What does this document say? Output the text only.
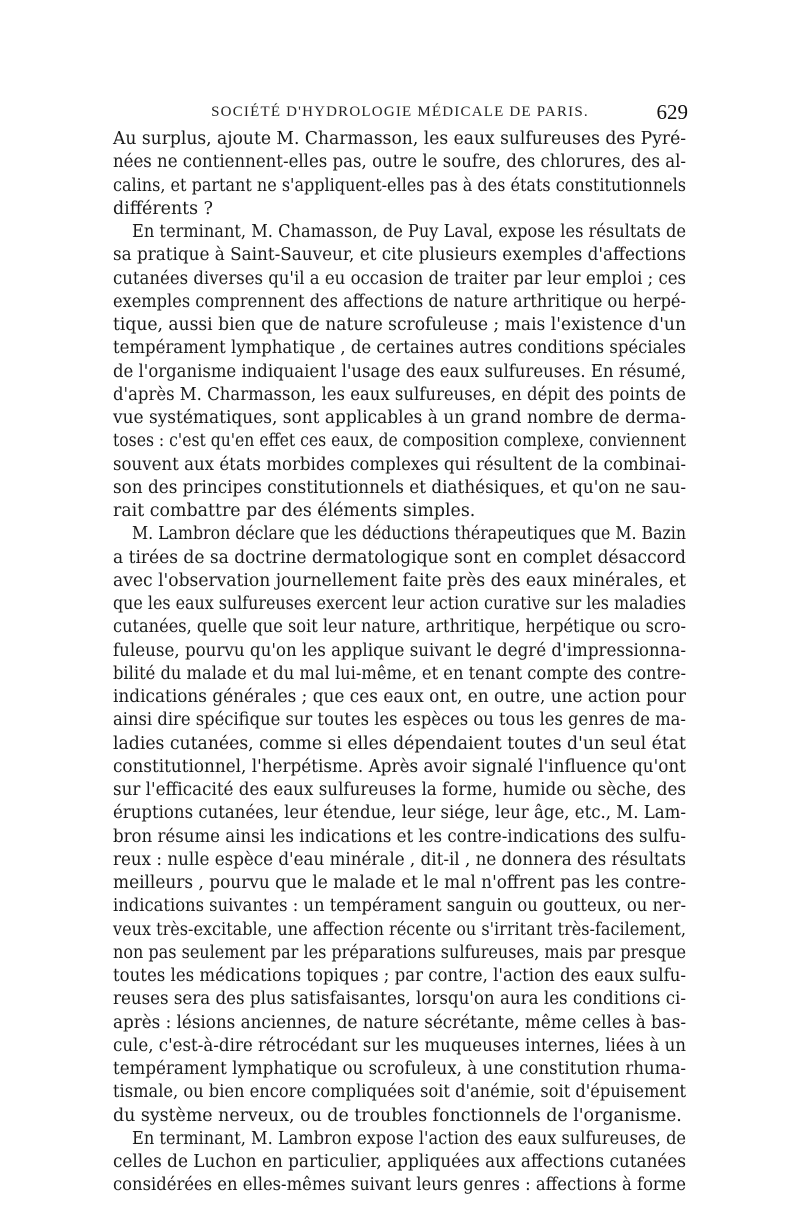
SOCIÉTÉ D'HYDROLOGIE MÉDICALE DE PARIS.	629
Au surplus, ajoute M. Charmasson, les eaux sulfureuses des Pyré-
nées ne contiennent-elles pas, outre le soufre, des chlorures, des al-
calins, et partant ne s'appliquent-elles pas à des états constitutionnels
différents ?
En terminant, M. Chamasson, de Puy Laval, expose les résultats de
sa pratique à Saint-Sauveur, et cite plusieurs exemples d'affections
cutanées diverses qu'il a eu occasion de traiter par leur emploi ; ces
exemples comprennent des affections de nature arthritique ou herpé-
tique, aussi bien que de nature scrofuleuse ; mais l'existence d'un
tempérament lymphatique , de certaines autres conditions spéciales
de l'organisme indiquaient l'usage des eaux sulfureuses. En résumé,
d'après M. Charmasson, les eaux sulfureuses, en dépit des points de
vue systématiques, sont applicables à un grand nombre de derma-
toses : c'est qu'en effet ces eaux, de composition complexe, conviennent
souvent aux états morbides complexes qui résultent de la combinai-
son des principes constitutionnels et diathésiques, et qu'on ne sau-
rait combattre par des éléments simples.
M. Lambron déclare que les déductions thérapeutiques que M. Bazin
a tirées de sa doctrine dermatologique sont en complet désaccord
avec l'observation journellement faite près des eaux minérales, et
que les eaux sulfureuses exercent leur action curative sur les maladies
cutanées, quelle que soit leur nature, arthritique, herpétique ou scro-
fuleuse, pourvu qu'on les applique suivant le degré d'impressionna-
bilité du malade et du mal lui-même, et en tenant compte des contre-
indications générales ; que ces eaux ont, en outre, une action pour
ainsi dire spécifique sur toutes les espèces ou tous les genres de ma-
ladies cutanées, comme si elles dépendaient toutes d'un seul état
constitutionnel, l'herpétisme. Après avoir signalé l'influence qu'ont
sur l'efficacité des eaux sulfureuses la forme, humide ou sèche, des
éruptions cutanées, leur étendue, leur siége, leur âge, etc., M. Lam-
bron résume ainsi les indications et les contre-indications des sulfu-
reux : nulle espèce d'eau minérale , dit-il , ne donnera des résultats
meilleurs , pourvu que le malade et le mal n'offrent pas les contre-
indications suivantes : un tempérament sanguin ou goutteux, ou ner-
veux très-excitable, une affection récente ou s'irritant très-facilement,
non pas seulement par les préparations sulfureuses, mais par presque
toutes les médications topiques ; par contre, l'action des eaux sulfu-
reuses sera des plus satisfaisantes, lorsqu'on aura les conditions ci-
après : lésions anciennes, de nature sécrétante, même celles à bas-
cule, c'est-à-dire rétrocédant sur les muqueuses internes, liées à un
tempérament lymphatique ou scrofuleux, à une constitution rhuma-
tismale, ou bien encore compliquées soit d'anémie, soit d'épuisement
du système nerveux, ou de troubles fonctionnels de l'organisme.
En terminant, M. Lambron expose l'action des eaux sulfureuses, de
celles de Luchon en particulier, appliquées aux affections cutanées
considérées en elles-mêmes suivant leurs genres : affections à forme
